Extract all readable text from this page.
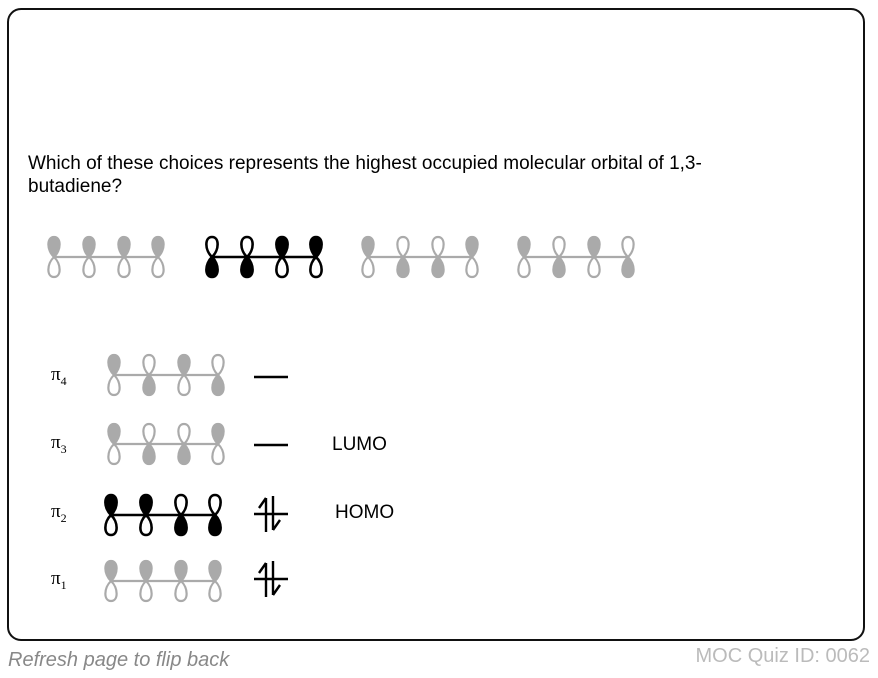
Which of these choices represents the highest occupied molecular orbital of 1,3-butadiene?

$\pi_4$
$\pi_3$	LUMO
$\pi_2$	HOMO
$\pi_1$
Refresh page to flip back	MOC Quiz ID: 0062
